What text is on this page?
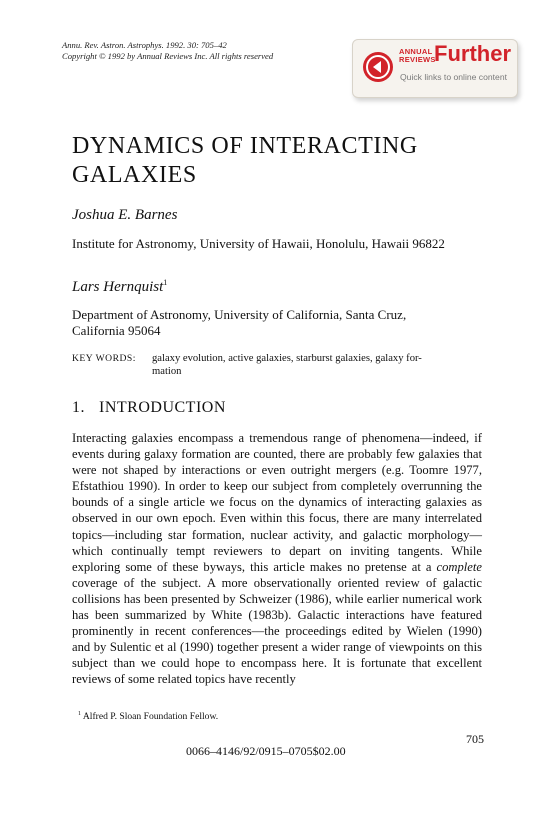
Annu. Rev. Astron. Astrophys. 1992. 30: 705–42
Copyright © 1992 by Annual Reviews Inc. All rights reserved	ANNUAL
REVIEWS
Further
Quick links to online content
DYNAMICS OF INTERACTING
GALAXIES
Joshua E. Barnes
Institute for Astronomy, University of Hawaii, Honolulu, Hawaii 96822
Lars Hernquist$^1$
Department of Astronomy, University of California, Santa Cruz,
California 95064
KEY WORDS: galaxy evolution, active galaxies, starburst galaxies, galaxy for-
mation
1. INTRODUCTION
Interacting galaxies encompass a tremendous range of phenomena—indeed, if events during galaxy formation are counted, there are probably few galaxies that were not shaped by interactions or even outright mergers (e.g. Toomre 1977, Efstathiou 1990). In order to keep our subject from completely overrunning the bounds of a single article we focus on the dynamics of interacting galaxies as observed in our own epoch. Even within this focus, there are many interrelated topics—including star formation, nuclear activity, and galactic morphology—which continually tempt reviewers to depart on inviting tangents. While exploring some of these byways, this article makes no pretense at a complete coverage of the subject. A more observationally oriented review of galactic collisions has been presented by Schweizer (1986), while earlier numerical work has been summarized by White (1983b). Galactic interactions have featured prominently in recent conferences—the proceedings edited by Wielen (1990) and by Sulentic et al (1990) together present a wider range of viewpoints on this subject than we could hope to encompass here. It is fortunate that excellent reviews of some related topics have recently
$^1$ Alfred P. Sloan Foundation Fellow.
705
0066–4146/92/0915–0705$02.00
